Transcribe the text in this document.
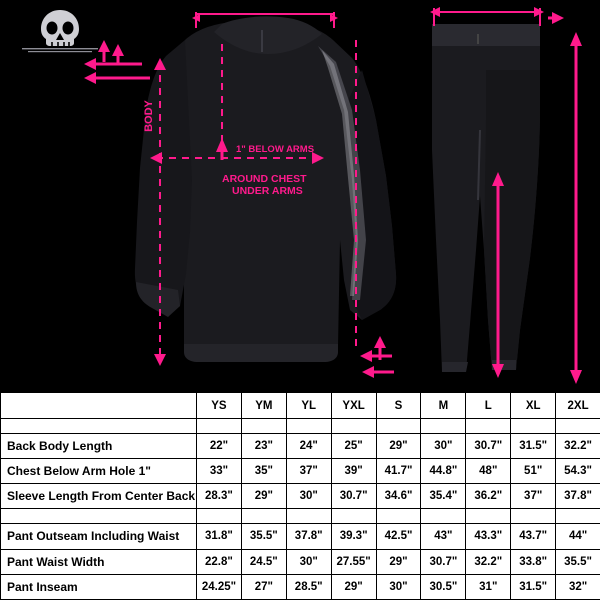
BODY
1" BELOW ARMS
AROUND CHEST
UNDER ARMS
	YS	YM	YL	YXL	S	M	L	XL	2XL

Back Body Length	22"	23"	24"	25"	29"	30"	30.7"	31.5"	32.2"
Chest Below Arm Hole 1"	33"	35"	37"	39"	41.7"	44.8"	48"	51"	54.3"
Sleeve Length From Center Back	28.3"	29"	30"	30.7"	34.6"	35.4"	36.2"	37"	37.8"

Pant Outseam Including Waist	31.8"	35.5"	37.8"	39.3"	42.5"	43"	43.3"	43.7"	44"
Pant Waist Width	22.8"	24.5"	30"	27.55"	29"	30.7"	32.2"	33.8"	35.5"
Pant Inseam	24.25"	27"	28.5"	29"	30"	30.5"	31"	31.5"	32"
